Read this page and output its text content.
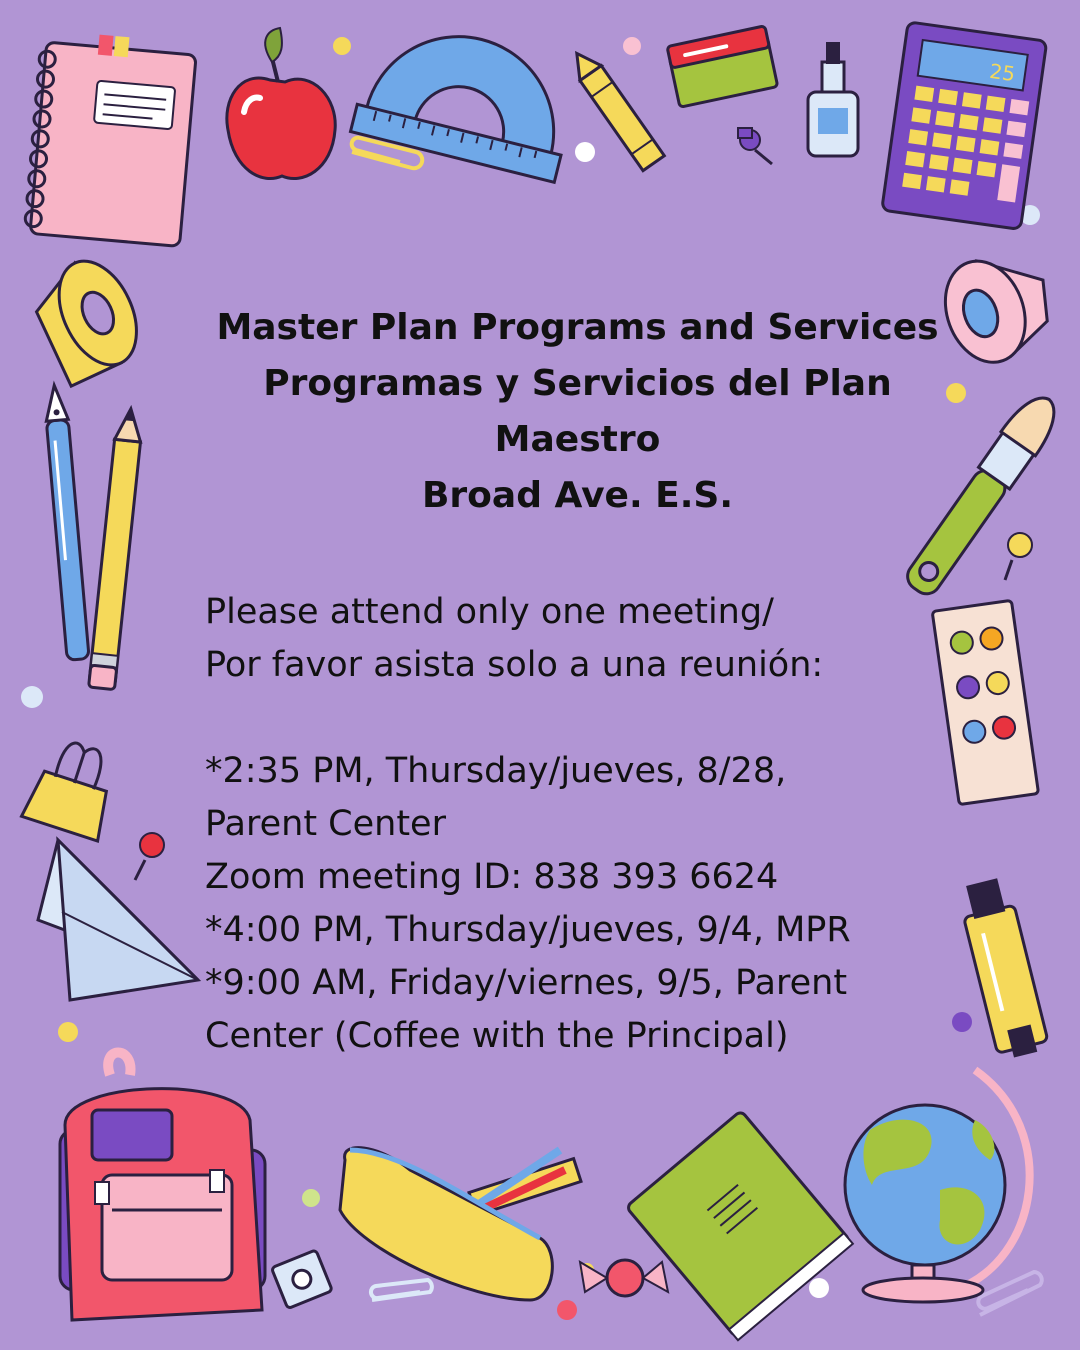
25
Master Plan Programs and Services
Programas y Servicios del Plan
Maestro
Broad Ave. E.S.
Please attend only one meeting/
Por favor asista solo a una reunión:
*2:35 PM, Thursday/jueves, 8/28,
Parent Center
Zoom meeting ID: 838 393 6624
*4:00 PM, Thursday/jueves, 9/4, MPR
*9:00 AM, Friday/viernes, 9/5, Parent
Center (Coffee with the Principal)
